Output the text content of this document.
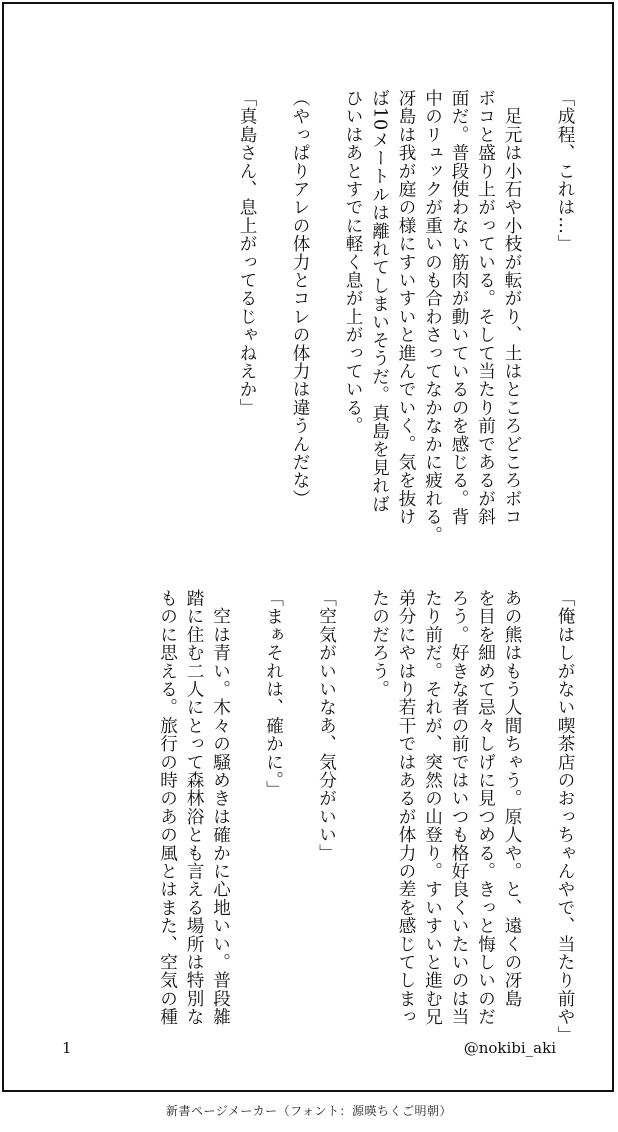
「成程、これは…」

　足元は小石や小枝が転がり、土はところどころボコ
ボコと盛り上がっている。そして当たり前であるが斜
面だ。普段使わない筋肉が動いているのを感じる。背
中のリュックが重いのも合わさってなかなかに疲れる。
冴島は我が庭の様にすいすいと進んでいく。気を抜け
ば10メートルは離れてしまいそうだ。真島を見れば
ひいはあとすでに軽く息が上がっている。

（やっぱりアレの体力とコレの体力は違うんだな）

「真島さん、息上がってるじゃねえか」
「俺はしがない喫茶店のおっちゃんやで、当たり前や」

あの熊はもう人間ちゃう。原人や。と、遠くの冴島
を目を細めて忌々しげに見つめる。きっと悔しいのだ
ろう。好きな者の前ではいつも格好良くいたいのは当
たり前だ。それが、突然の山登り。すいすいと進む兄
弟分にやはり若干ではあるが体力の差を感じてしまっ
たのだろう。

「空気がいいなあ、気分がいい」

「まぁそれは、確かに。」

　空は青い。木々の騒めきは確かに心地いい。普段雑
踏に住む二人にとって森林浴とも言える場所は特別な
ものに思える。旅行の時のあの風とはまた、空気の種
1	@nokibi_aki
新書ページメーカー（フォント：源暎ちくご明朝）
